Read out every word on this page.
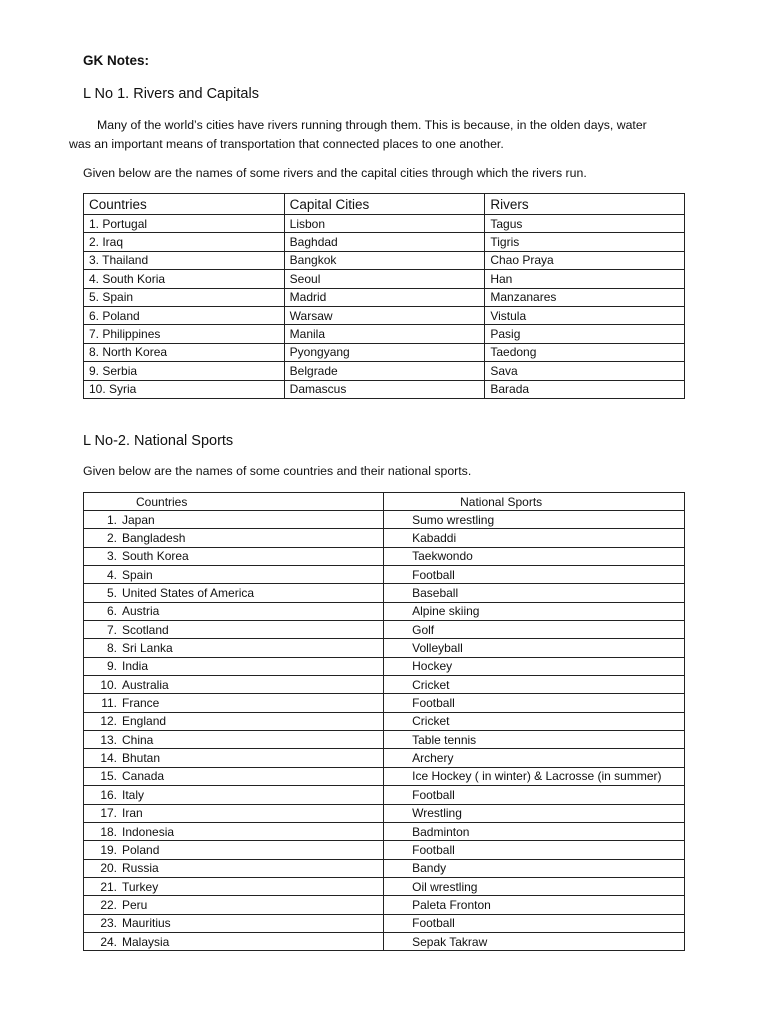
GK Notes:
L No 1. Rivers and Capitals
Many of the world’s cities have rivers running through them. This is because, in the olden days, water
was an important means of transportation that connected places to one another.
Given below are the names of some rivers and the capital cities through which the rivers run.
Countries	Capital Cities	Rivers
1. Portugal	Lisbon	Tagus
2. Iraq	Baghdad	Tigris
3. Thailand	Bangkok	Chao Praya
4. South Koria	Seoul	Han
5. Spain	Madrid	Manzanares
6. Poland	Warsaw	Vistula
7. Philippines	Manila	Pasig
8. North Korea	Pyongyang	Taedong
9. Serbia	Belgrade	Sava
10. Syria	Damascus	Barada
L No-2. National Sports
Given below are the names of some countries and their national sports.
Countries	National Sports
1. Japan	Sumo wrestling
2. Bangladesh	Kabaddi
3. South Korea	Taekwondo
4. Spain	Football
5. United States of America	Baseball
6. Austria	Alpine skiing
7. Scotland	Golf
8. Sri Lanka	Volleyball
9. India	Hockey
10. Australia	Cricket
11. France	Football
12. England	Cricket
13. China	Table tennis
14. Bhutan	Archery
15. Canada	Ice Hockey ( in winter) & Lacrosse (in summer)
16. Italy	Football
17. Iran	Wrestling
18. Indonesia	Badminton
19. Poland	Football
20. Russia	Bandy
21. Turkey	Oil wrestling
22. Peru	Paleta Fronton
23. Mauritius	Football
24. Malaysia	Sepak Takraw
